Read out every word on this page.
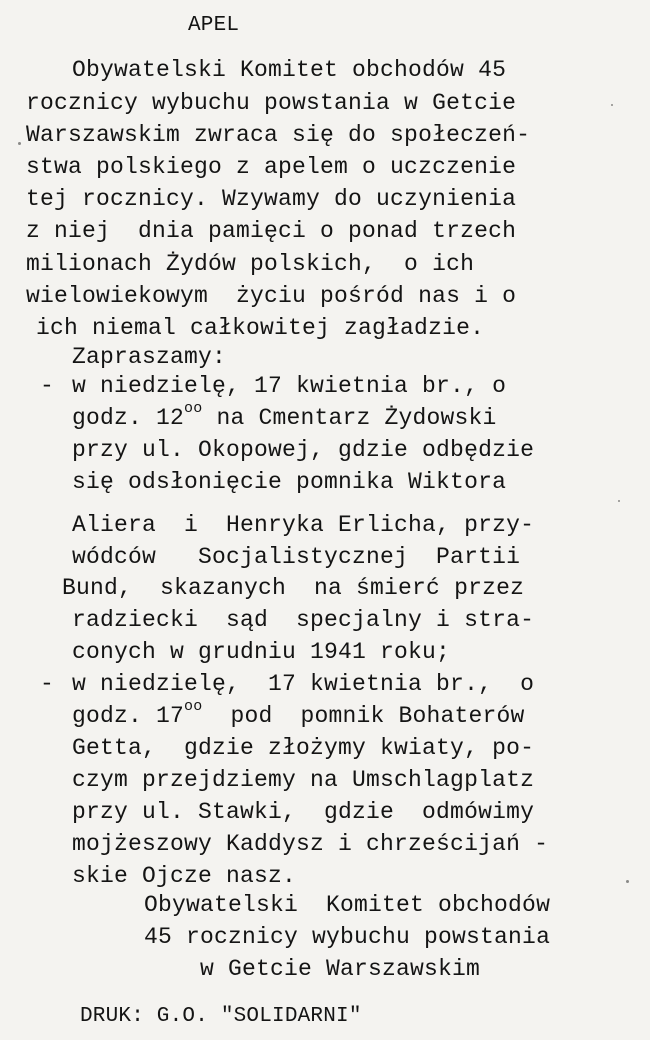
APEL
Obywatelski Komitet obchodów 45
rocznicy wybuchu powstania w Getcie
Warszawskim zwraca się do społeczeń-
stwa polskiego z apelem o uczczenie
tej rocznicy. Wzywamy do uczynienia
z niej  dnia pamięci o ponad trzech
milionach Żydów polskich,  o ich
wielowiekowym  życiu pośród nas i o
ich niemal całkowitej zagładzie.
Zapraszamy:
- w niedzielę, 17 kwietnia br., o
godz. $12^{oo}$ na Cmentarz Żydowski
przy ul. Okopowej, gdzie odbędzie
się odsłonięcie pomnika Wiktora
Aliera  i  Henryka Erlicha, przy-
wódców   Socjalistycznej  Partii
Bund,  skazanych  na śmierć przez
radziecki  sąd  specjalny i stra-
conych w grudniu 1941 roku;
- w niedzielę,  17 kwietnia br.,  o
godz. $17^{oo}$  pod  pomnik Bohaterów
Getta,  gdzie złożymy kwiaty, po-
czym przejdziemy na Umschlagplatz
przy ul. Stawki,  gdzie  odmówimy
mojżeszowy Kaddysz i chrześcijań -
skie Ojcze nasz.
Obywatelski  Komitet obchodów
45 rocznicy wybuchu powstania
w Getcie Warszawskim
DRUK: G.O. "SOLIDARNI"
